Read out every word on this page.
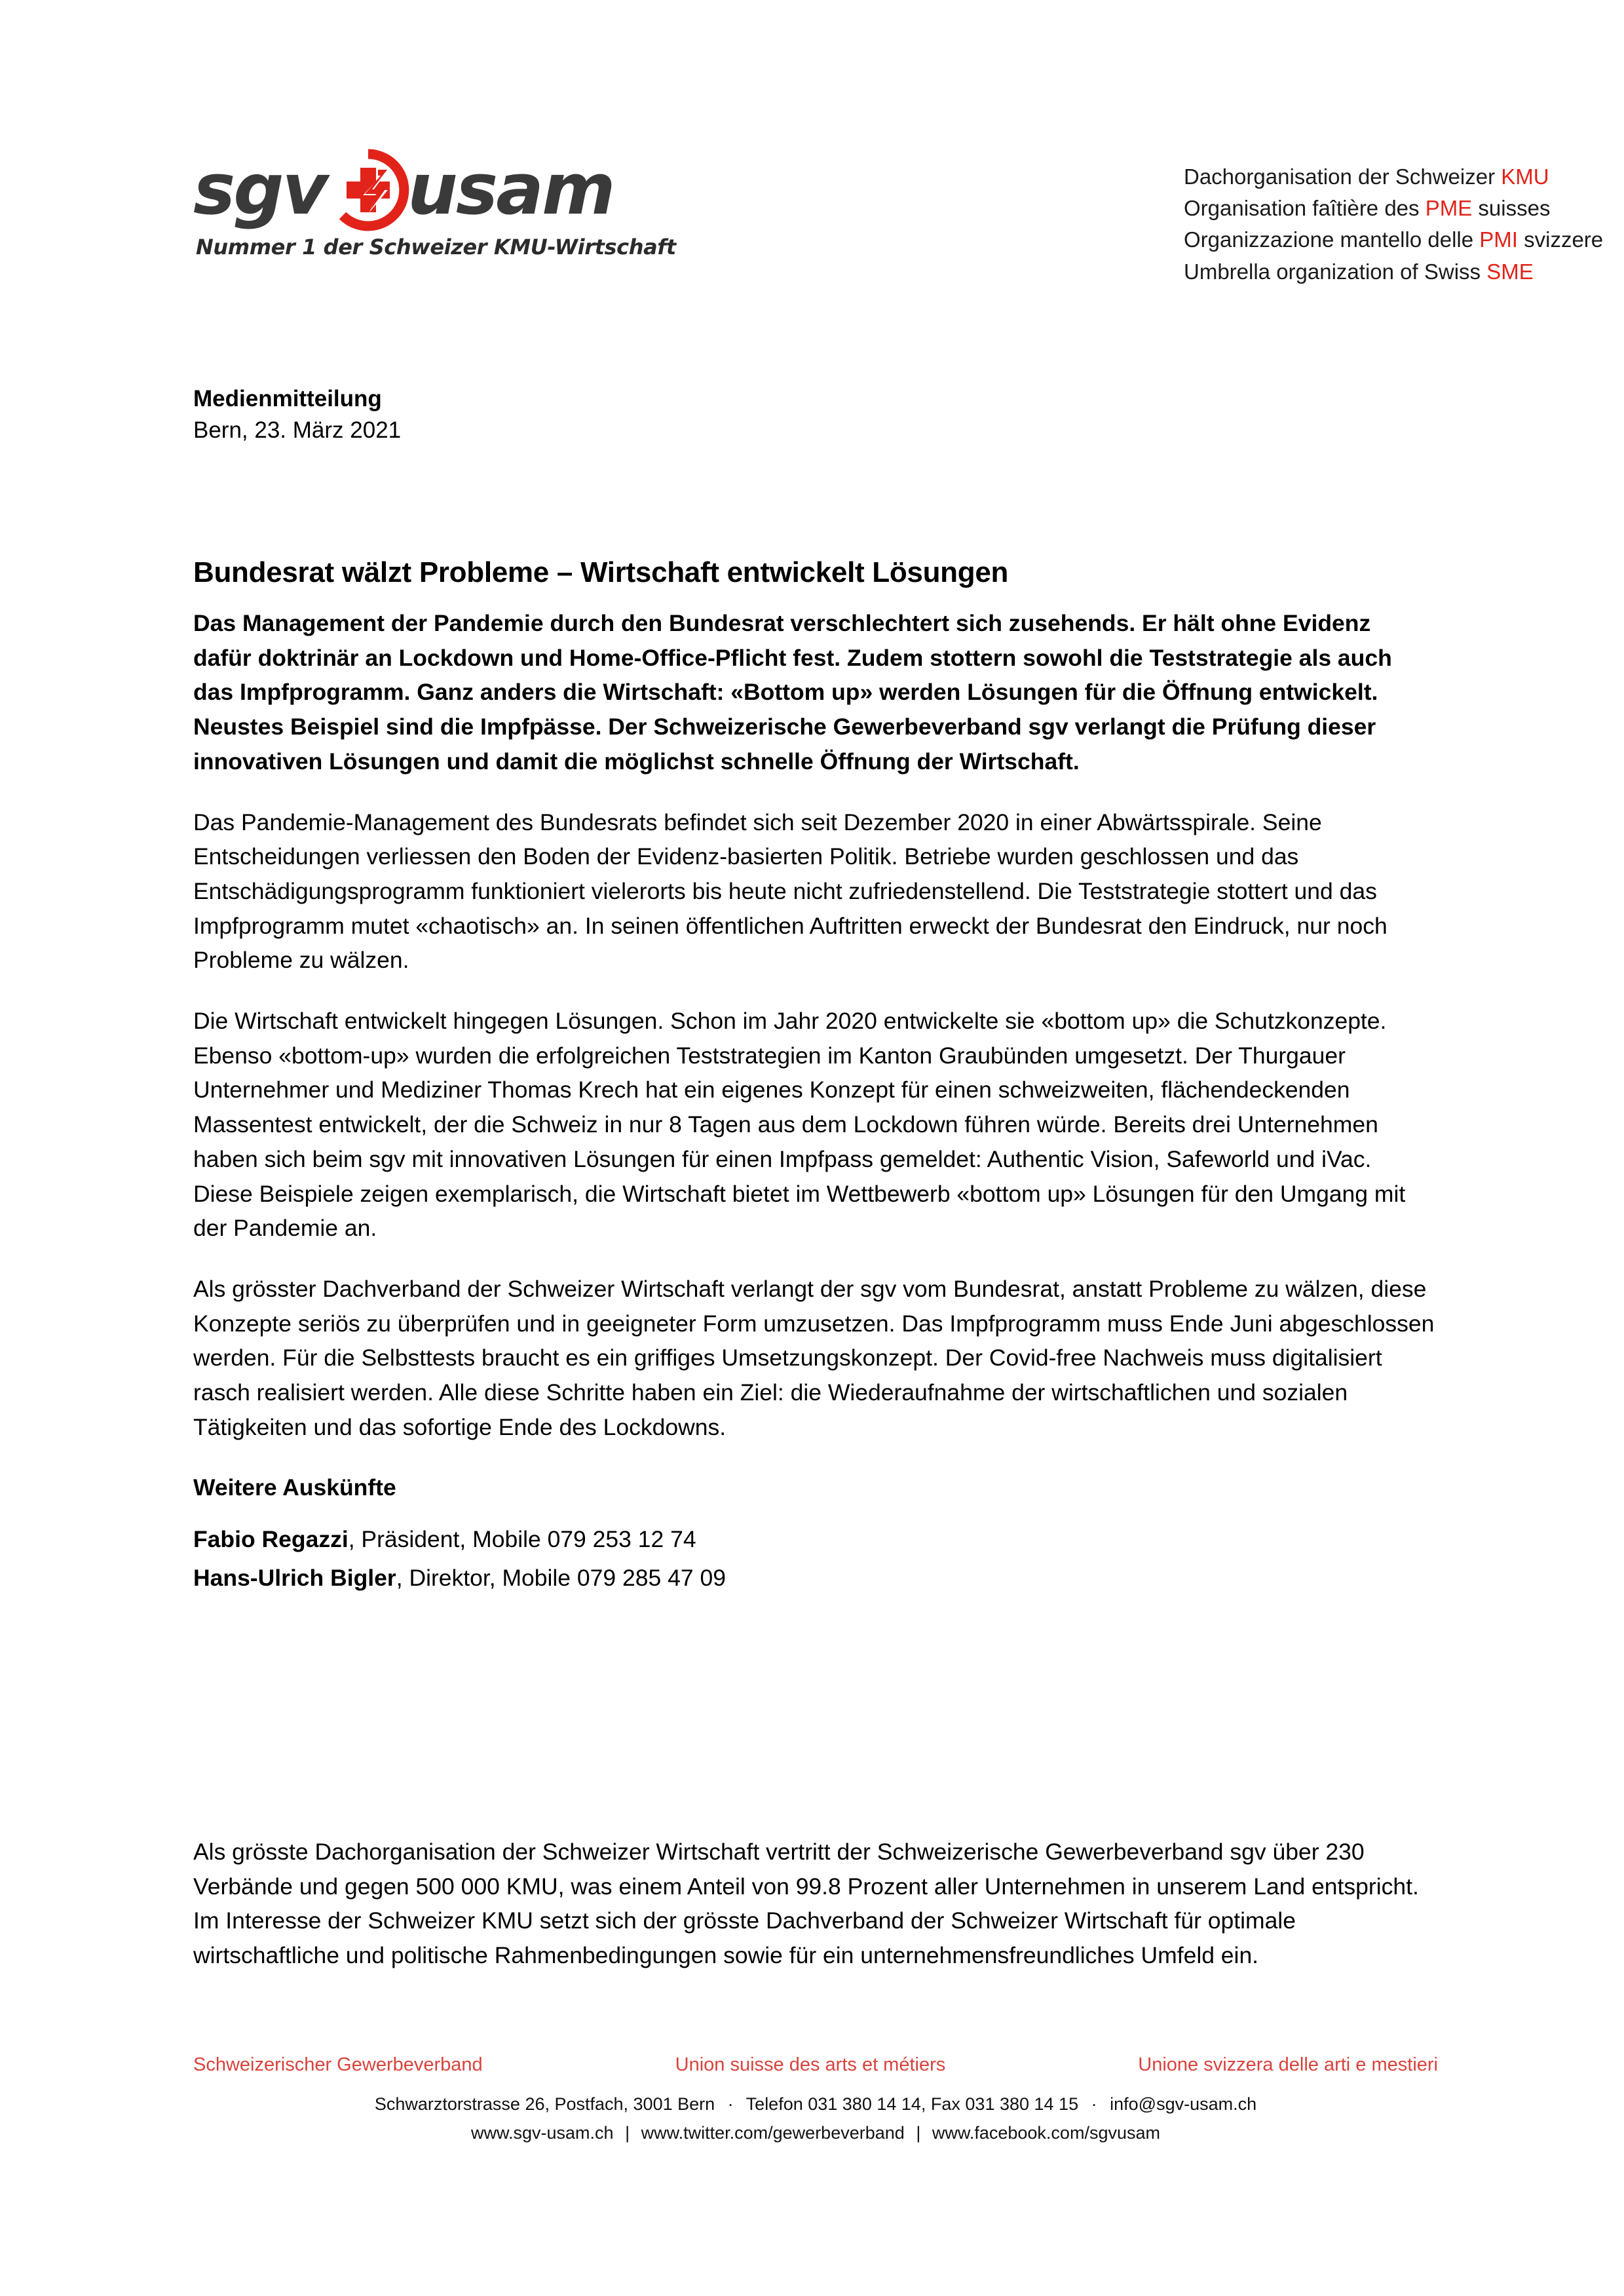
sgv usam
Nummer 1 der Schweizer KMU-Wirtschaft
Dachorganisation der Schweizer KMU
Organisation faîtière des PME suisses
Organizzazione mantello delle PMI svizzere
Umbrella organization of Swiss SME
Medienmitteilung
Bern, 23. März 2021
Bundesrat wälzt Probleme – Wirtschaft entwickelt Lösungen

Das Management der Pandemie durch den Bundesrat verschlechtert sich zusehends. Er hält ohne Evidenz dafür doktrinär an Lockdown und Home-Office-Pflicht fest. Zudem stottern sowohl die Teststrategie als auch das Impfprogramm. Ganz anders die Wirtschaft: «Bottom up» werden Lösungen für die Öffnung entwickelt. Neustes Beispiel sind die Impfpässe. Der Schweizerische Gewerbeverband sgv verlangt die Prüfung dieser innovativen Lösungen und damit die möglichst schnelle Öffnung der Wirtschaft.

Das Pandemie-Management des Bundesrats befindet sich seit Dezember 2020 in einer Abwärtsspirale. Seine Entscheidungen verliessen den Boden der Evidenz-basierten Politik. Betriebe wurden geschlossen und das Entschädigungsprogramm funktioniert vielerorts bis heute nicht zufriedenstellend. Die Teststrategie stottert und das Impfprogramm mutet «chaotisch» an. In seinen öffentlichen Auftritten erweckt der Bundesrat den Eindruck, nur noch Probleme zu wälzen.

Die Wirtschaft entwickelt hingegen Lösungen. Schon im Jahr 2020 entwickelte sie «bottom up» die Schutzkonzepte. Ebenso «bottom-up» wurden die erfolgreichen Teststrategien im Kanton Graubünden umgesetzt. Der Thurgauer Unternehmer und Mediziner Thomas Krech hat ein eigenes Konzept für einen schweizweiten, flächendeckenden Massentest entwickelt, der die Schweiz in nur 8 Tagen aus dem Lockdown führen würde. Bereits drei Unternehmen haben sich beim sgv mit innovativen Lösungen für einen Impfpass gemeldet: Authentic Vision, Safeworld und iVac. Diese Beispiele zeigen exemplarisch, die Wirtschaft bietet im Wettbewerb «bottom up» Lösungen für den Umgang mit der Pandemie an.

Als grösster Dachverband der Schweizer Wirtschaft verlangt der sgv vom Bundesrat, anstatt Probleme zu wälzen, diese Konzepte seriös zu überprüfen und in geeigneter Form umzusetzen. Das Impfprogramm muss Ende Juni abgeschlossen werden. Für die Selbsttests braucht es ein griffiges Umsetzungskonzept. Der Covid-free Nachweis muss digitalisiert rasch realisiert werden. Alle diese Schritte haben ein Ziel: die Wiederaufnahme der wirtschaftlichen und sozialen Tätigkeiten und das sofortige Ende des Lockdowns.

Weitere Auskünfte
Fabio Regazzi, Präsident, Mobile 079 253 12 74
Hans-Ulrich Bigler, Direktor, Mobile 079 285 47 09
Als grösste Dachorganisation der Schweizer Wirtschaft vertritt der Schweizerische Gewerbeverband sgv über 230 Verbände und gegen 500 000 KMU, was einem Anteil von 99.8 Prozent aller Unternehmen in unserem Land entspricht. Im Interesse der Schweizer KMU setzt sich der grösste Dachverband der Schweizer Wirtschaft für optimale wirtschaftliche und politische Rahmenbedingungen sowie für ein unternehmensfreundliches Umfeld ein.
Schweizerischer Gewerbeverband	Union suisse des arts et métiers	Unione svizzera delle arti e mestieri
Schwarztorstrasse 26, Postfach, 3001 Bern · Telefon 031 380 14 14, Fax 031 380 14 15 · info@sgv-usam.ch
www.sgv-usam.ch | www.twitter.com/gewerbeverband | www.facebook.com/sgvusam
